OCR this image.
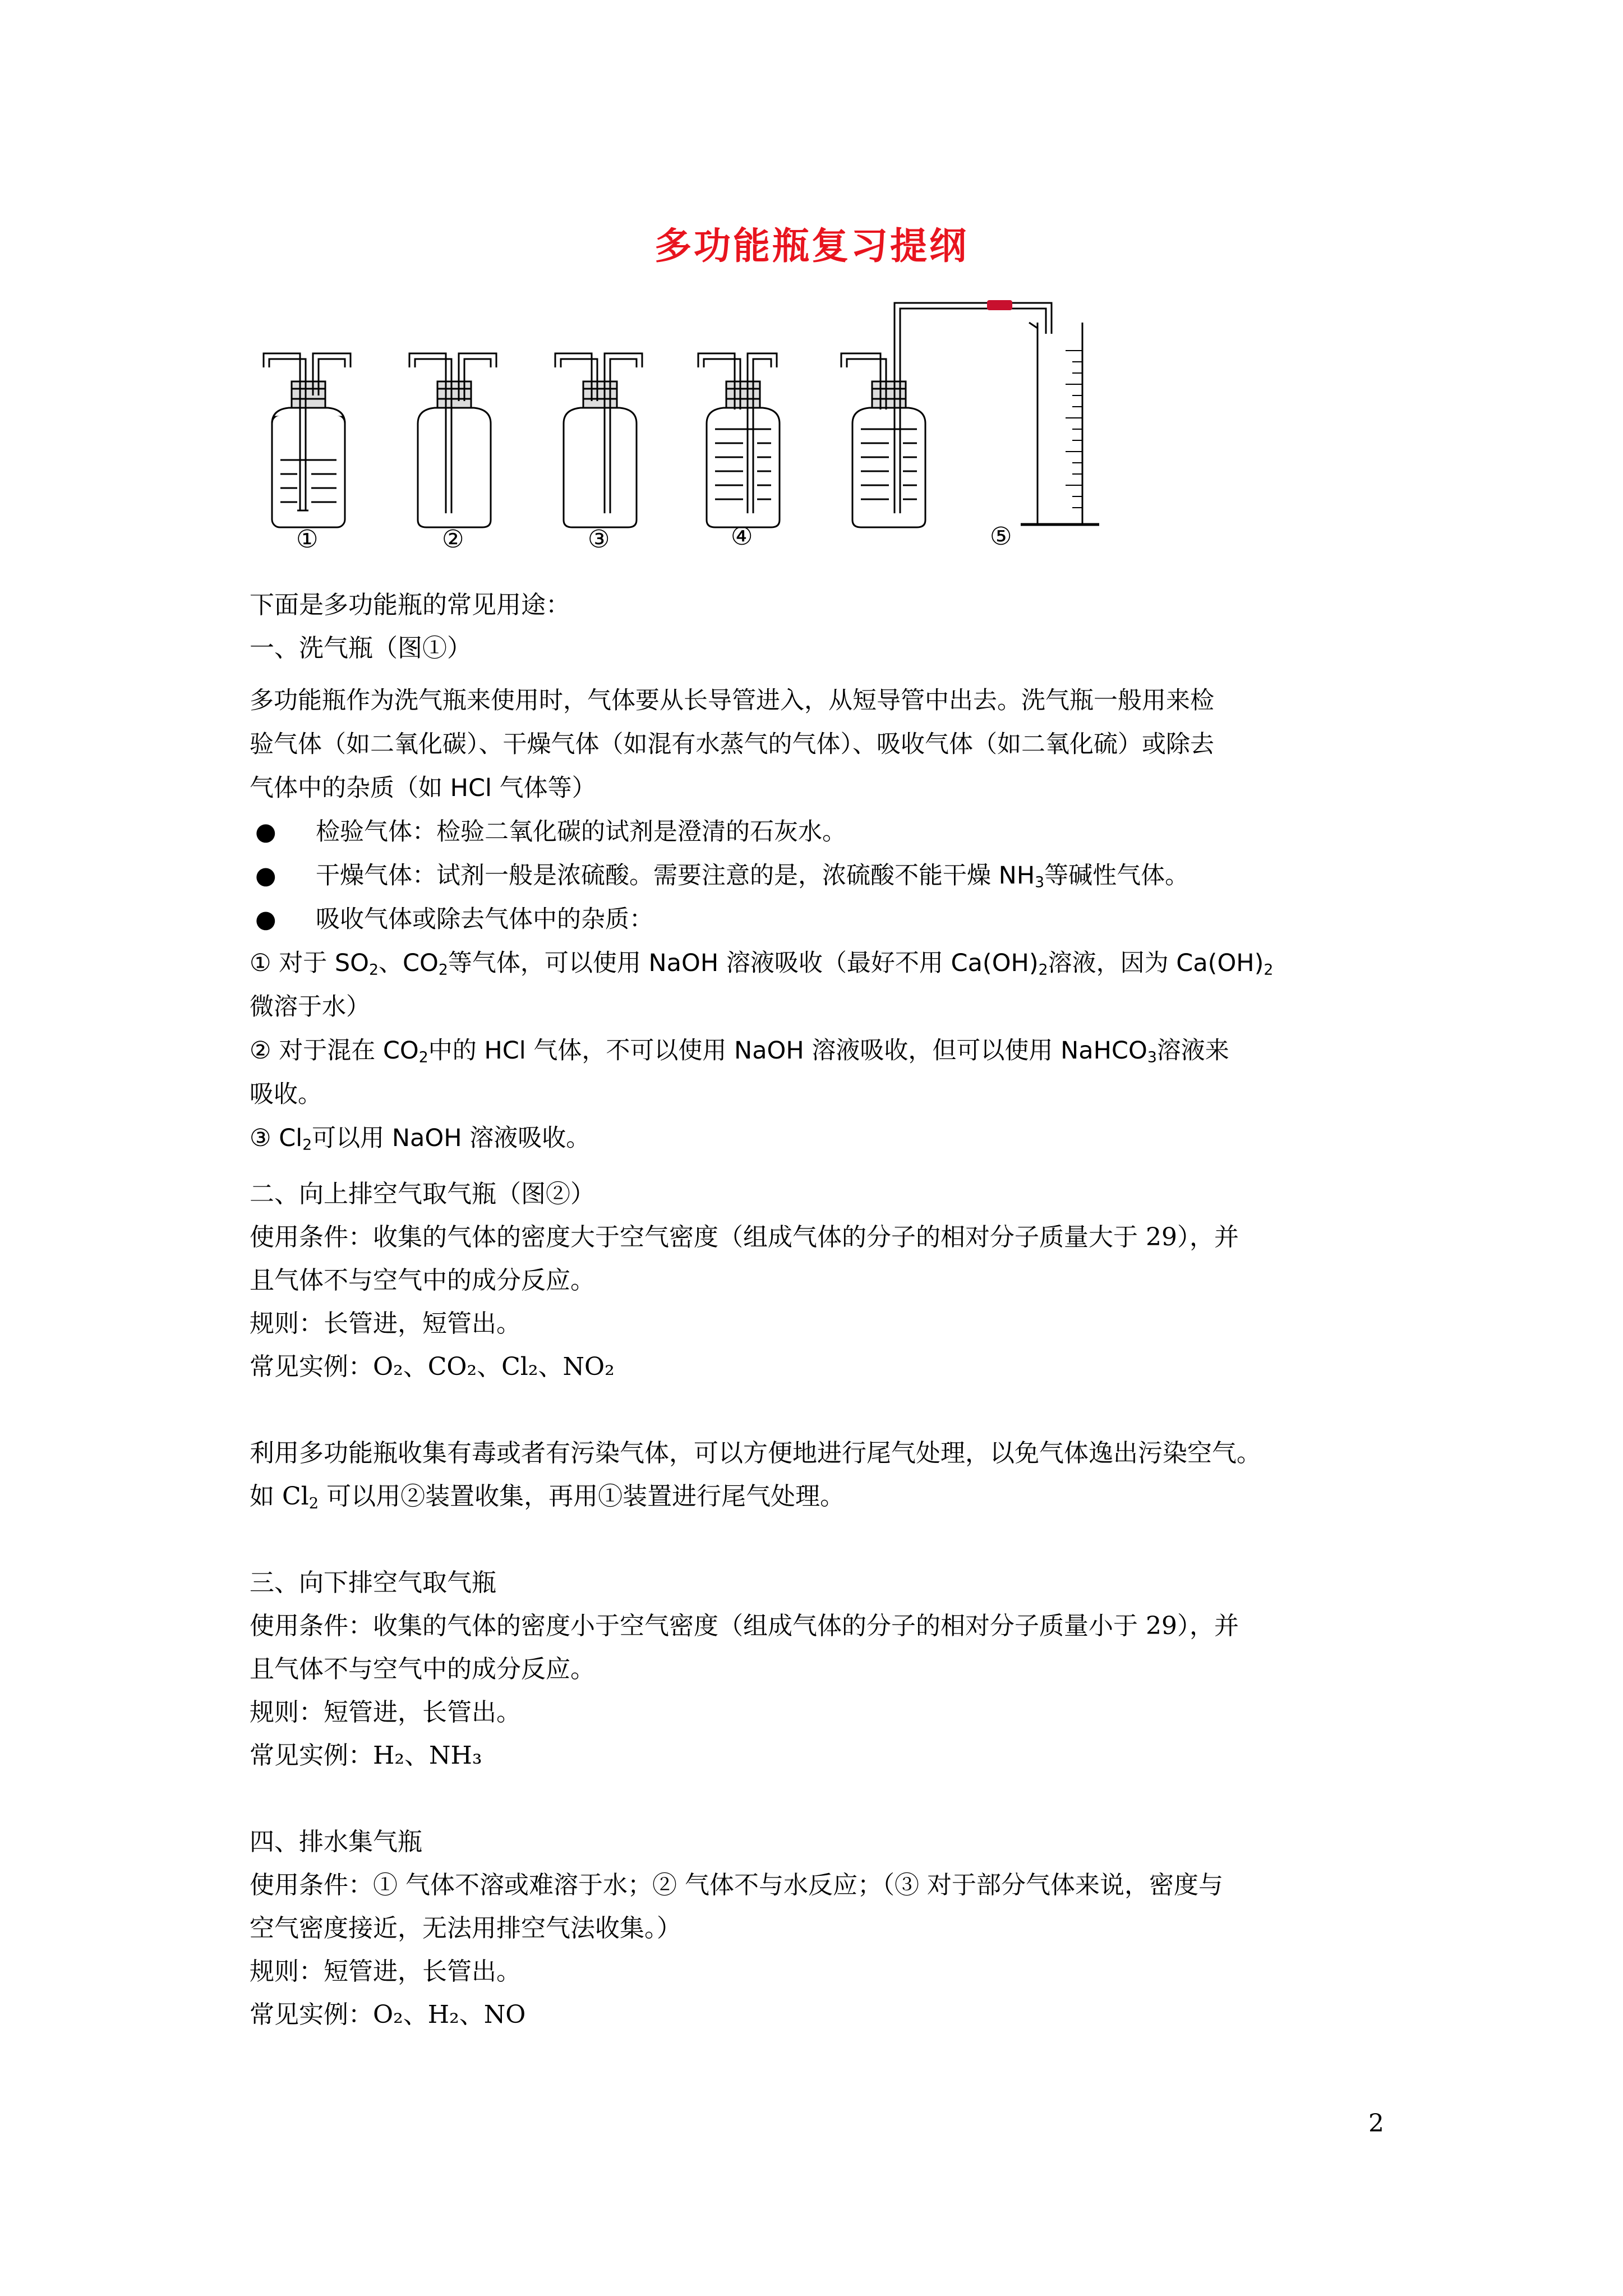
多功能瓶复习提纲
①	②	③	④	⑤
下面是多功能瓶的常见用途：
一、洗气瓶（图①）
多功能瓶作为洗气瓶来使用时，气体要从长导管进入，从短导管中出去。洗气瓶一般用来检
验气体（如二氧化碳）、干燥气体（如混有水蒸气的气体）、吸收气体（如二氧化硫）或除去
气体中的杂质（如 HCl 气体等）
● 检验气体：检验二氧化碳的试剂是澄清的石灰水。
● 干燥气体：试剂一般是浓硫酸。需要注意的是，浓硫酸不能干燥 $NH_3$等碱性气体。
● 吸收气体或除去气体中的杂质：
① 对于 $SO_2$、$CO_2$等气体，可以使用 NaOH 溶液吸收（最好不用 $Ca(OH)_2$溶液，因为 $Ca(OH)_2$
微溶于水）
② 对于混在 $CO_2$中的 HCl 气体，不可以使用 NaOH 溶液吸收，但可以使用 NaHCO$_3$溶液来
吸收。
③ $Cl_2$可以用 NaOH 溶液吸收。
二、向上排空气取气瓶（图②）
使用条件：收集的气体的密度大于空气密度（组成气体的分子的相对分子质量大于 29），并
且气体不与空气中的成分反应。
规则：长管进，短管出。
常见实例：O₂、CO₂、Cl₂、NO₂
利用多功能瓶收集有毒或者有污染气体，可以方便地进行尾气处理，以免气体逸出污染空气。
如 $Cl_2$ 可以用②装置收集，再用①装置进行尾气处理。
三、向下排空气取气瓶
使用条件：收集的气体的密度小于空气密度（组成气体的分子的相对分子质量小于 29），并
且气体不与空气中的成分反应。
规则：短管进，长管出。
常见实例：H₂、NH₃
四、排水集气瓶
使用条件：① 气体不溶或难溶于水；② 气体不与水反应；（③ 对于部分气体来说，密度与
空气密度接近，无法用排空气法收集。）
规则：短管进，长管出。
常见实例：O₂、H₂、NO
2
